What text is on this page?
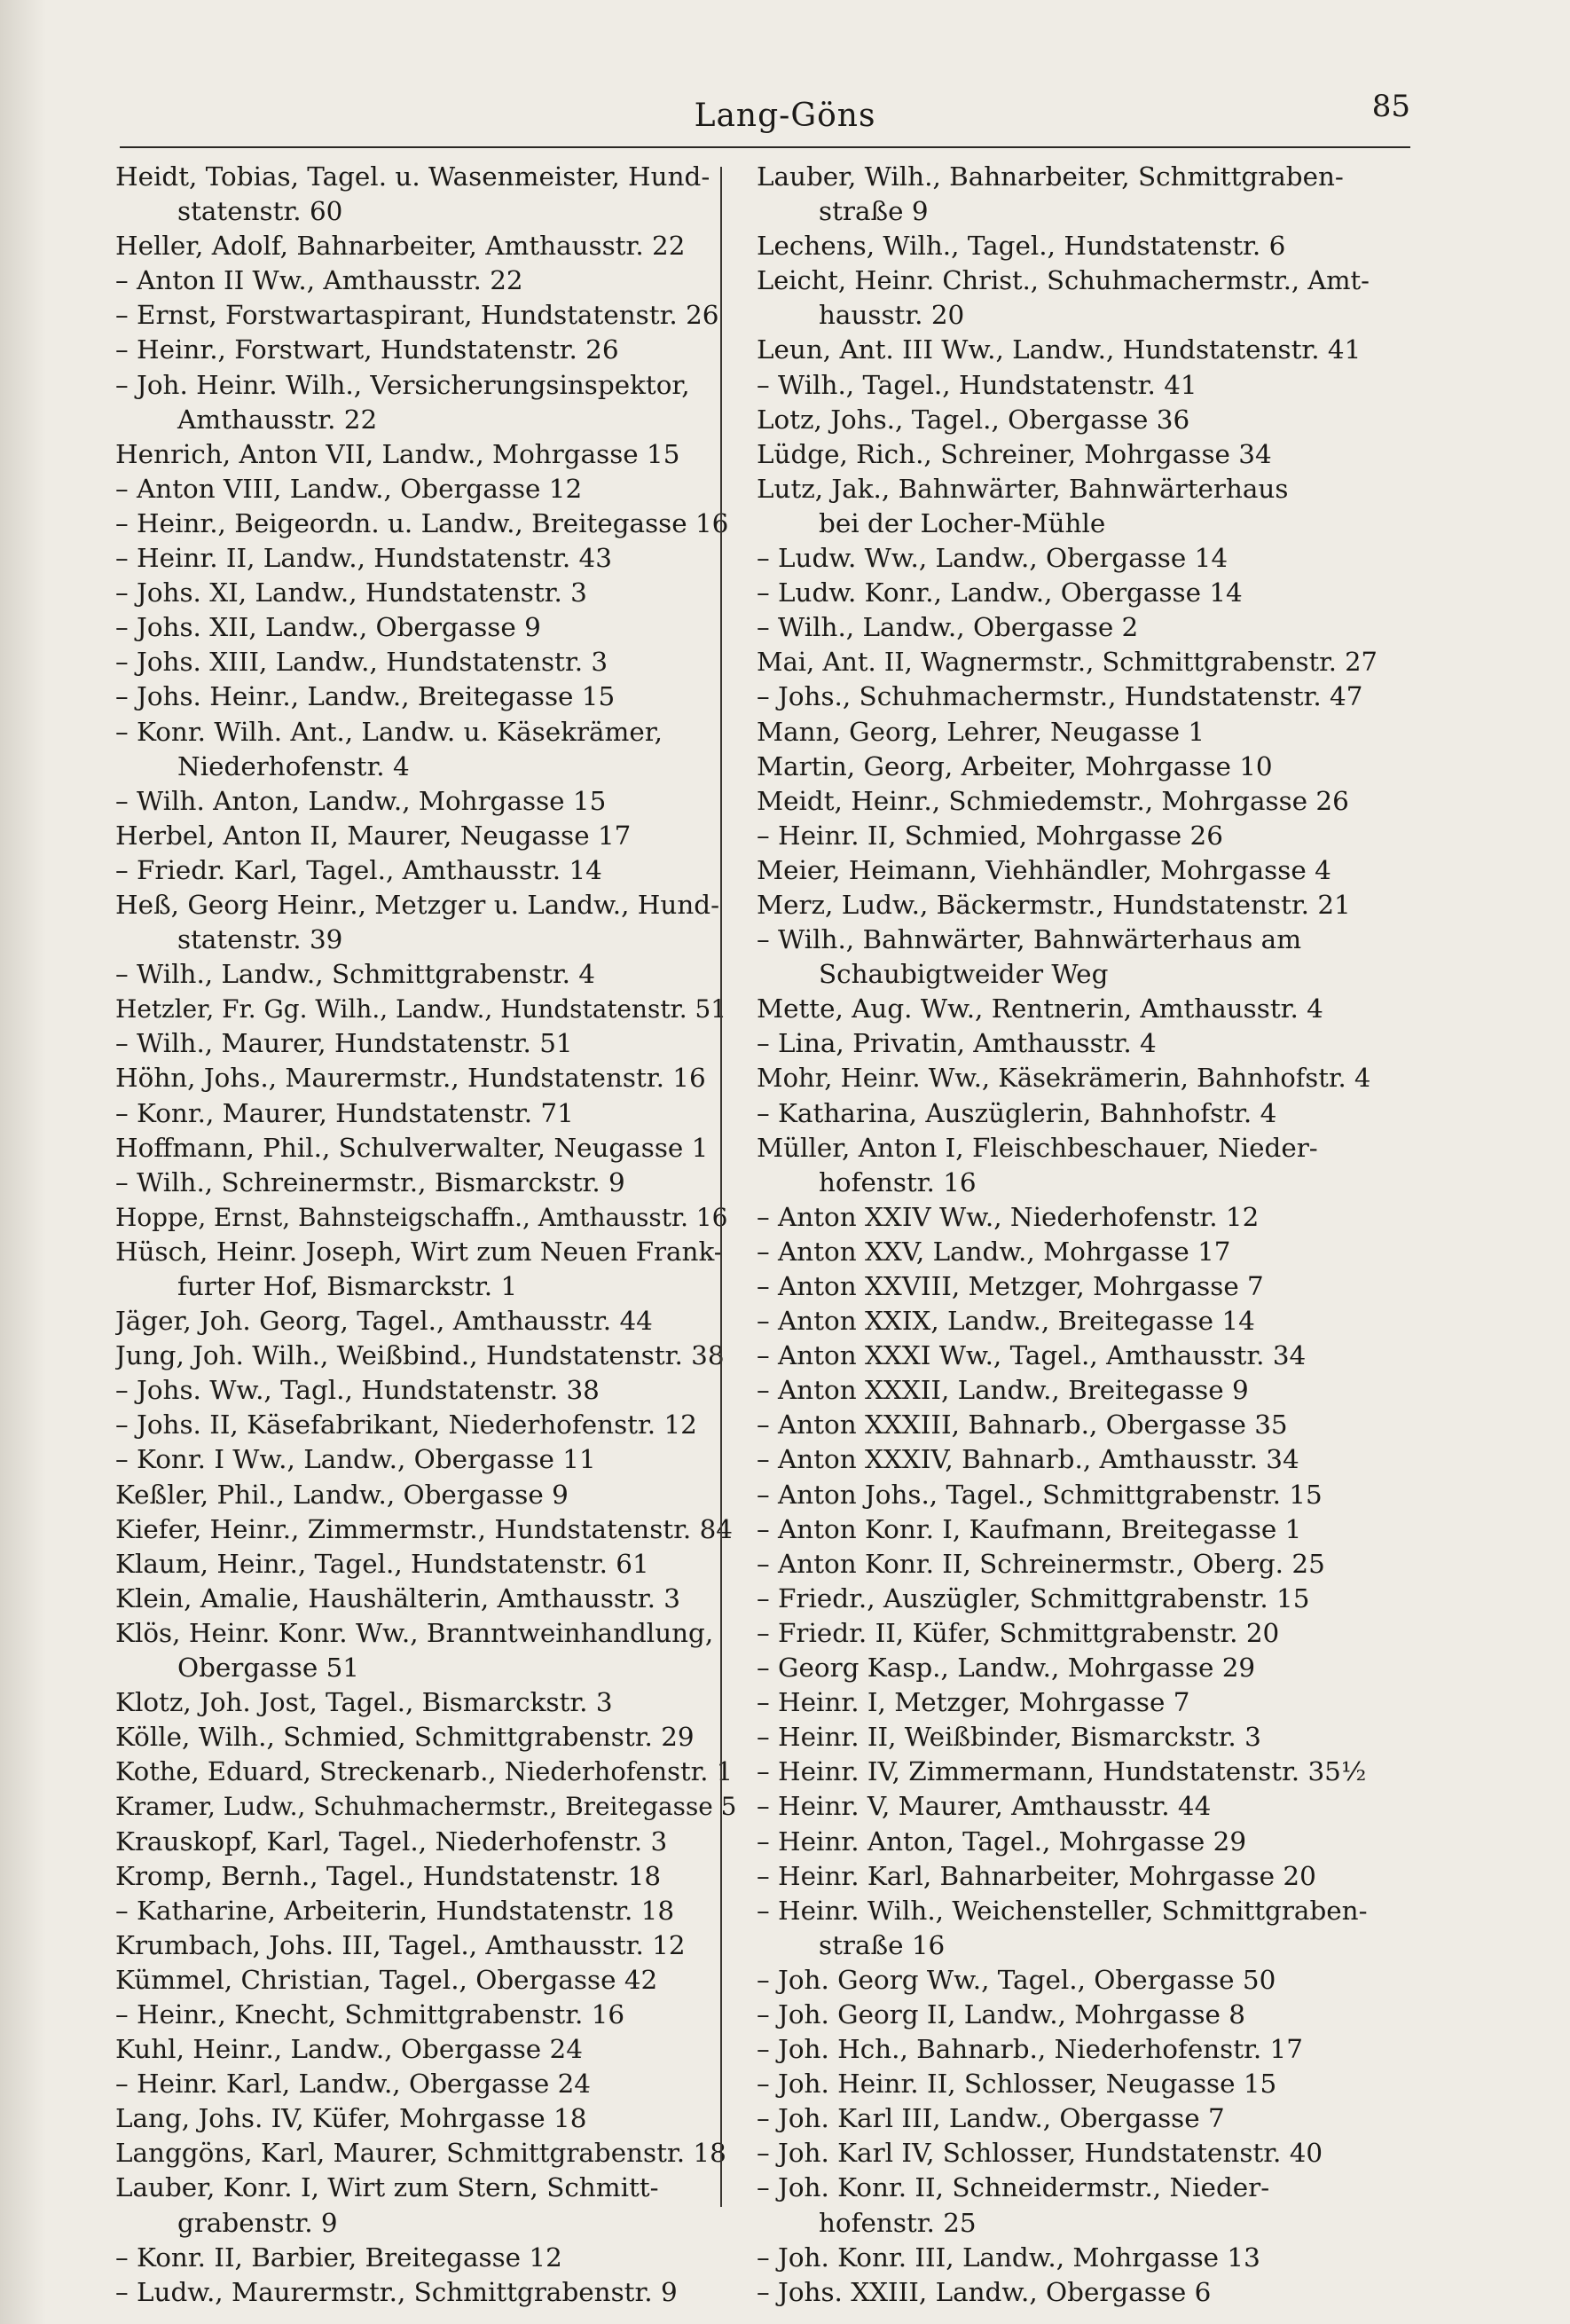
Lang-Göns	85
Heidt, Tobias, Tagel. u. Wasenmeister, Hund-
statenstr. 60
Heller, Adolf, Bahnarbeiter, Amthausstr. 22
– Anton II Ww., Amthausstr. 22
– Ernst, Forstwartaspirant, Hundstatenstr. 26
– Heinr., Forstwart, Hundstatenstr. 26
– Joh. Heinr. Wilh., Versicherungsinspektor,
Amthausstr. 22
Henrich, Anton VII, Landw., Mohrgasse 15
– Anton VIII, Landw., Obergasse 12
– Heinr., Beigeordn. u. Landw., Breitegasse 16
– Heinr. II, Landw., Hundstatenstr. 43
– Johs. XI, Landw., Hundstatenstr. 3
– Johs. XII, Landw., Obergasse 9
– Johs. XIII, Landw., Hundstatenstr. 3
– Johs. Heinr., Landw., Breitegasse 15
– Konr. Wilh. Ant., Landw. u. Käsekrämer,
Niederhofenstr. 4
– Wilh. Anton, Landw., Mohrgasse 15
Herbel, Anton II, Maurer, Neugasse 17
– Friedr. Karl, Tagel., Amthausstr. 14
Heß, Georg Heinr., Metzger u. Landw., Hund-
statenstr. 39
– Wilh., Landw., Schmittgrabenstr. 4
Hetzler, Fr. Gg. Wilh., Landw., Hundstatenstr. 51
– Wilh., Maurer, Hundstatenstr. 51
Höhn, Johs., Maurermstr., Hundstatenstr. 16
– Konr., Maurer, Hundstatenstr. 71
Hoffmann, Phil., Schulverwalter, Neugasse 1
– Wilh., Schreinermstr., Bismarckstr. 9
Hoppe, Ernst, Bahnsteigschaffn., Amthausstr. 16
Hüsch, Heinr. Joseph, Wirt zum Neuen Frank-
furter Hof, Bismarckstr. 1
Jäger, Joh. Georg, Tagel., Amthausstr. 44
Jung, Joh. Wilh., Weißbind., Hundstatenstr. 38
– Johs. Ww., Tagl., Hundstatenstr. 38
– Johs. II, Käsefabrikant, Niederhofenstr. 12
– Konr. I Ww., Landw., Obergasse 11
Keßler, Phil., Landw., Obergasse 9
Kiefer, Heinr., Zimmermstr., Hundstatenstr. 84
Klaum, Heinr., Tagel., Hundstatenstr. 61
Klein, Amalie, Haushälterin, Amthausstr. 3
Klös, Heinr. Konr. Ww., Branntweinhandlung,
Obergasse 51
Klotz, Joh. Jost, Tagel., Bismarckstr. 3
Kölle, Wilh., Schmied, Schmittgrabenstr. 29
Kothe, Eduard, Streckenarb., Niederhofenstr. 1
Kramer, Ludw., Schuhmachermstr., Breitegasse 5
Krauskopf, Karl, Tagel., Niederhofenstr. 3
Kromp, Bernh., Tagel., Hundstatenstr. 18
– Katharine, Arbeiterin, Hundstatenstr. 18
Krumbach, Johs. III, Tagel., Amthausstr. 12
Kümmel, Christian, Tagel., Obergasse 42
– Heinr., Knecht, Schmittgrabenstr. 16
Kuhl, Heinr., Landw., Obergasse 24
– Heinr. Karl, Landw., Obergasse 24
Lang, Johs. IV, Küfer, Mohrgasse 18
Langgöns, Karl, Maurer, Schmittgrabenstr. 18
Lauber, Konr. I, Wirt zum Stern, Schmitt-
grabenstr. 9
– Konr. II, Barbier, Breitegasse 12
– Ludw., Maurermstr., Schmittgrabenstr. 9
Lauber, Wilh., Bahnarbeiter, Schmittgraben-
straße 9
Lechens, Wilh., Tagel., Hundstatenstr. 6
Leicht, Heinr. Christ., Schuhmachermstr., Amt-
hausstr. 20
Leun, Ant. III Ww., Landw., Hundstatenstr. 41
– Wilh., Tagel., Hundstatenstr. 41
Lotz, Johs., Tagel., Obergasse 36
Lüdge, Rich., Schreiner, Mohrgasse 34
Lutz, Jak., Bahnwärter, Bahnwärterhaus
bei der Locher-Mühle
– Ludw. Ww., Landw., Obergasse 14
– Ludw. Konr., Landw., Obergasse 14
– Wilh., Landw., Obergasse 2
Mai, Ant. II, Wagnermstr., Schmittgrabenstr. 27
– Johs., Schuhmachermstr., Hundstatenstr. 47
Mann, Georg, Lehrer, Neugasse 1
Martin, Georg, Arbeiter, Mohrgasse 10
Meidt, Heinr., Schmiedemstr., Mohrgasse 26
– Heinr. II, Schmied, Mohrgasse 26
Meier, Heimann, Viehhändler, Mohrgasse 4
Merz, Ludw., Bäckermstr., Hundstatenstr. 21
– Wilh., Bahnwärter, Bahnwärterhaus am
Schaubigtweider Weg
Mette, Aug. Ww., Rentnerin, Amthausstr. 4
– Lina, Privatin, Amthausstr. 4
Mohr, Heinr. Ww., Käsekrämerin, Bahnhofstr. 4
– Katharina, Auszüglerin, Bahnhofstr. 4
Müller, Anton I, Fleischbeschauer, Nieder-
hofenstr. 16
– Anton XXIV Ww., Niederhofenstr. 12
– Anton XXV, Landw., Mohrgasse 17
– Anton XXVIII, Metzger, Mohrgasse 7
– Anton XXIX, Landw., Breitegasse 14
– Anton XXXI Ww., Tagel., Amthausstr. 34
– Anton XXXII, Landw., Breitegasse 9
– Anton XXXIII, Bahnarb., Obergasse 35
– Anton XXXIV, Bahnarb., Amthausstr. 34
– Anton Johs., Tagel., Schmittgrabenstr. 15
– Anton Konr. I, Kaufmann, Breitegasse 1
– Anton Konr. II, Schreinermstr., Oberg. 25
– Friedr., Auszügler, Schmittgrabenstr. 15
– Friedr. II, Küfer, Schmittgrabenstr. 20
– Georg Kasp., Landw., Mohrgasse 29
– Heinr. I, Metzger, Mohrgasse 7
– Heinr. II, Weißbinder, Bismarckstr. 3
– Heinr. IV, Zimmermann, Hundstatenstr. 35½
– Heinr. V, Maurer, Amthausstr. 44
– Heinr. Anton, Tagel., Mohrgasse 29
– Heinr. Karl, Bahnarbeiter, Mohrgasse 20
– Heinr. Wilh., Weichensteller, Schmittgraben-
straße 16
– Joh. Georg Ww., Tagel., Obergasse 50
– Joh. Georg II, Landw., Mohrgasse 8
– Joh. Hch., Bahnarb., Niederhofenstr. 17
– Joh. Heinr. II, Schlosser, Neugasse 15
– Joh. Karl III, Landw., Obergasse 7
– Joh. Karl IV, Schlosser, Hundstatenstr. 40
– Joh. Konr. II, Schneidermstr., Nieder-
hofenstr. 25
– Joh. Konr. III, Landw., Mohrgasse 13
– Johs. XXIII, Landw., Obergasse 6
